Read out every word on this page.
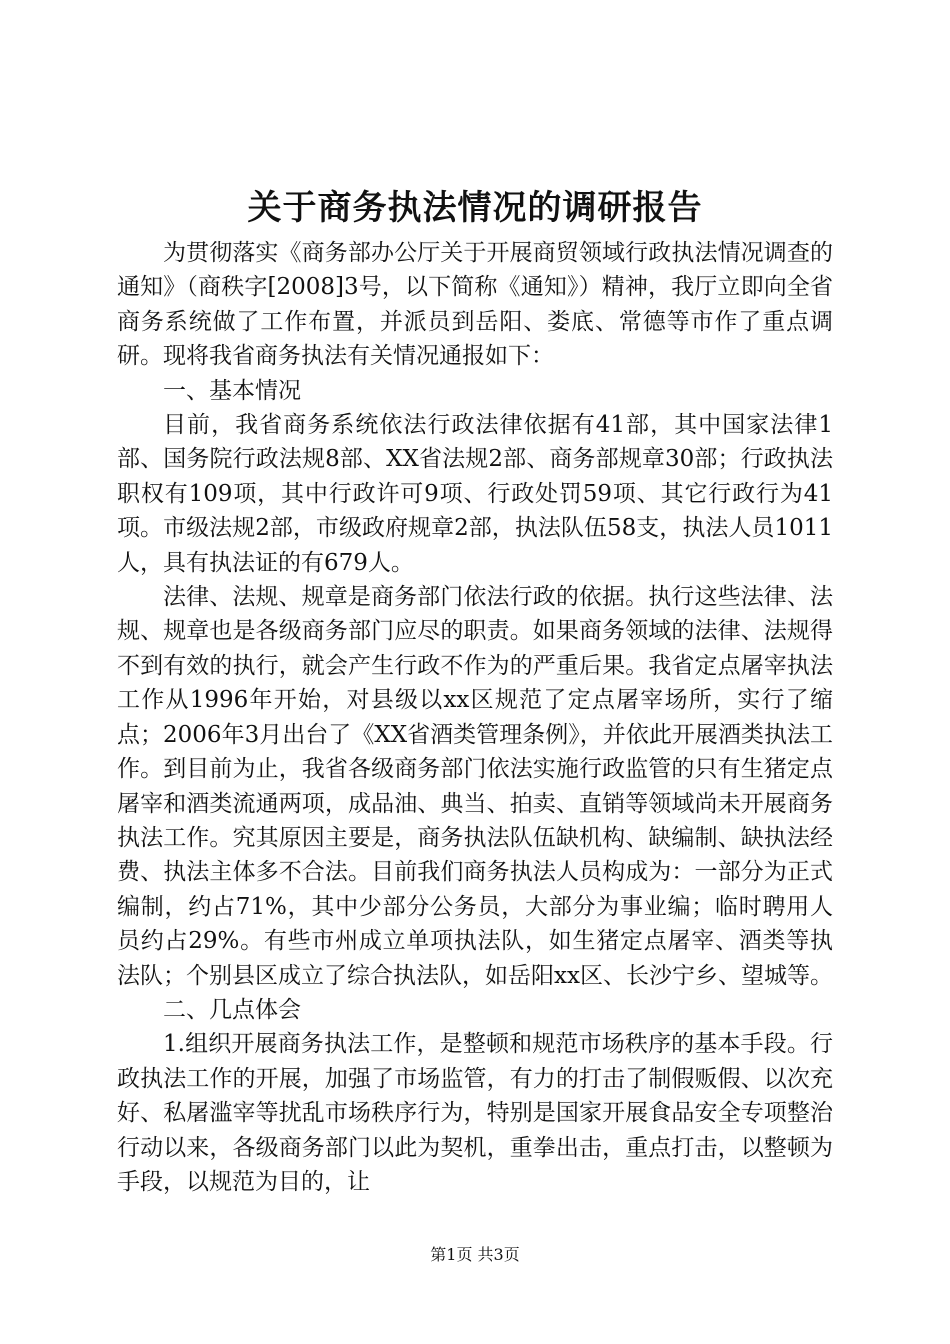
关于商务执法情况的调研报告

为贯彻落实《商务部办公厅关于开展商贸领域行政执法情况调查的通知》（商秩字[2008]3号，以下简称《通知》）精神，我厅立即向全省商务系统做了工作布置，并派员到岳阳、娄底、常德等市作了重点调研。现将我省商务执法有关情况通报如下：

一、基本情况

目前，我省商务系统依法行政法律依据有41部，其中国家法律1部、国务院行政法规8部、XX省法规2部、商务部规章30部；行政执法职权有109项，其中行政许可9项、行政处罚59项、其它行政行为41项。市级法规2部，市级政府规章2部，执法队伍58支，执法人员1011人，具有执法证的有679人。

法律、法规、规章是商务部门依法行政的依据。执行这些法律、法规、规章也是各级商务部门应尽的职责。如果商务领域的法律、法规得不到有效的执行，就会产生行政不作为的严重后果。我省定点屠宰执法工作从1996年开始，对县级以xx区规范了定点屠宰场所，实行了缩点；2006年3月出台了《XX省酒类管理条例》，并依此开展酒类执法工作。到目前为止，我省各级商务部门依法实施行政监管的只有生猪定点屠宰和酒类流通两项，成品油、典当、拍卖、直销等领域尚未开展商务执法工作。究其原因主要是，商务执法队伍缺机构、缺编制、缺执法经费、执法主体多不合法。目前我们商务执法人员构成为：一部分为正式编制，约占71%，其中少部分公务员，大部分为事业编；临时聘用人员约占29%。有些市州成立单项执法队，如生猪定点屠宰、酒类等执法队；个别县区成立了综合执法队，如岳阳xx区、长沙宁乡、望城等。

二、几点体会

1.组织开展商务执法工作，是整顿和规范市场秩序的基本手段。行政执法工作的开展，加强了市场监管，有力的打击了制假贩假、以次充好、私屠滥宰等扰乱市场秩序行为，特别是国家开展食品安全专项整治行动以来，各级商务部门以此为契机，重拳出击，重点打击，以整顿为手段，以规范为目的，让

第1页 共3页
